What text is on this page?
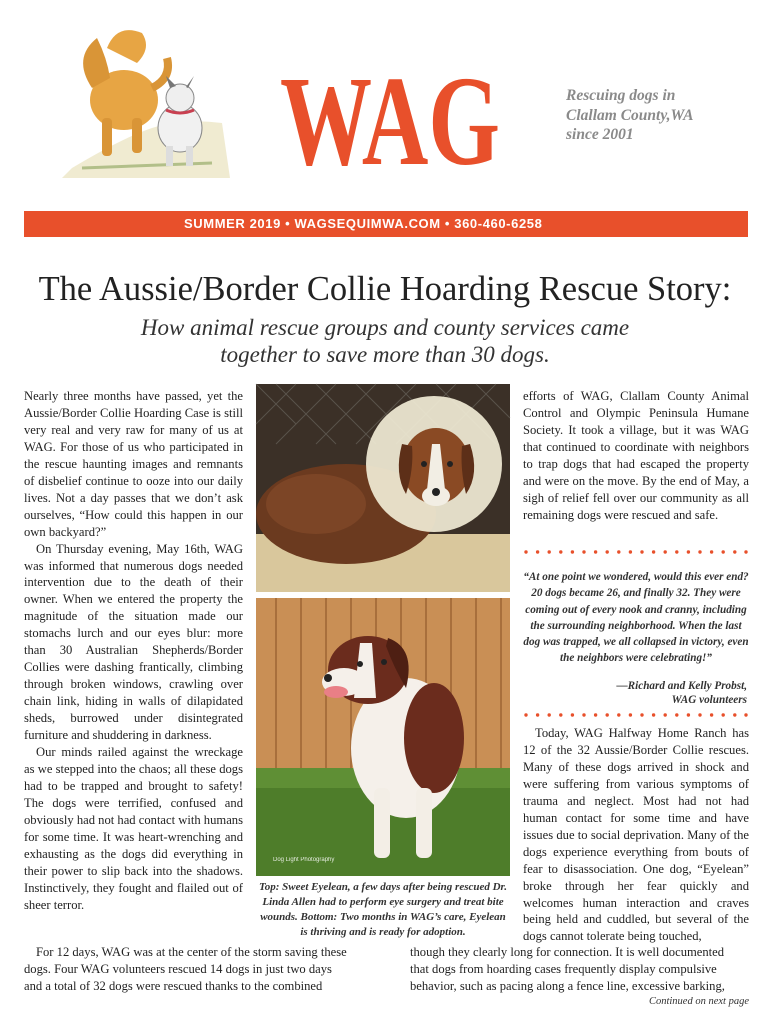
WAG	Rescuing dogs in
Clallam County,WA
since 2001
SUMMER 2019 • WAGSEQUIMWA.COM • 360-460-6258
The Aussie/Border Collie Hoarding Rescue Story:
How animal rescue groups and county services came
together to save more than 30 dogs.

Nearly three months have passed, yet the Aussie/Border Collie Hoarding Case is still very real and very raw for many of us at WAG. For those of us who participated in the rescue haunting images and remnants of disbelief continue to ooze into our daily lives. Not a day passes that we don’t ask ourselves, “How could this happen in our own backyard?”

On Thursday evening, May 16th, WAG was informed that numerous dogs needed intervention due to the death of their owner. When we entered the property the magnitude of the situation made our stomachs lurch and our eyes blur: more than 30 Australian Shepherds/Border Collies were dashing frantically, climbing through broken windows, crawling over chain link, hiding in walls of dilapidated sheds, burrowed under disintegrated furniture and shuddering in darkness.

Our minds railed against the wreckage as we stepped into the chaos; all these dogs had to be trapped and brought to safety! The dogs were terrified, confused and obviously had not had contact with humans for some time. It was heart-wrenching and exhausting as the dogs did everything in their power to slip back into the shadows. Instinctively, they fought and flailed out of sheer terror.

Dog Light Photography
Top: Sweet Eyelean, a few days after being rescued Dr. Linda Allen had to perform eye surgery and treat bite wounds. Bottom: Two months in WAG’s care, Eyelean is thriving and is ready for adoption.

efforts of WAG, Clallam County Animal Control and Olympic Peninsula Humane Society. It took a village, but it was WAG that continued to coordinate with neighbors to trap dogs that had escaped the property and were on the move. By the end of May, a sigh of relief fell over our community as all remaining dogs were rescued and safe.

“At one point we wondered, would this ever end? 20 dogs became 26, and finally 32. They were coming out of every nook and cranny, including the surrounding neighborhood. When the last dog was trapped, we all collapsed in victory, even the neighbors were celebrating!”
—Richard and Kelly Probst,
WAG volunteers

Today, WAG Halfway Home Ranch has 12 of the 32 Aussie/Border Collie rescues. Many of these dogs arrived in shock and were suffering from various symptoms of trauma and neglect. Most had not had human contact for some time and have issues due to social deprivation. Many of the dogs experience everything from bouts of fear to disassociation. One dog, “Eyelean” broke through her fear quickly and welcomes human interaction and craves being held and cuddled, but several of the dogs cannot tolerate being touched,

For 12 days, WAG was at the center of the storm saving these

dogs. Four WAG volunteers rescued 14 dogs in just two days

and a total of 32 dogs were rescued thanks to the combined

though they clearly long for connection. It is well documented

that dogs from hoarding cases frequently display compulsive

behavior, such as pacing along a fence line, excessive barking,

Continued on next page
